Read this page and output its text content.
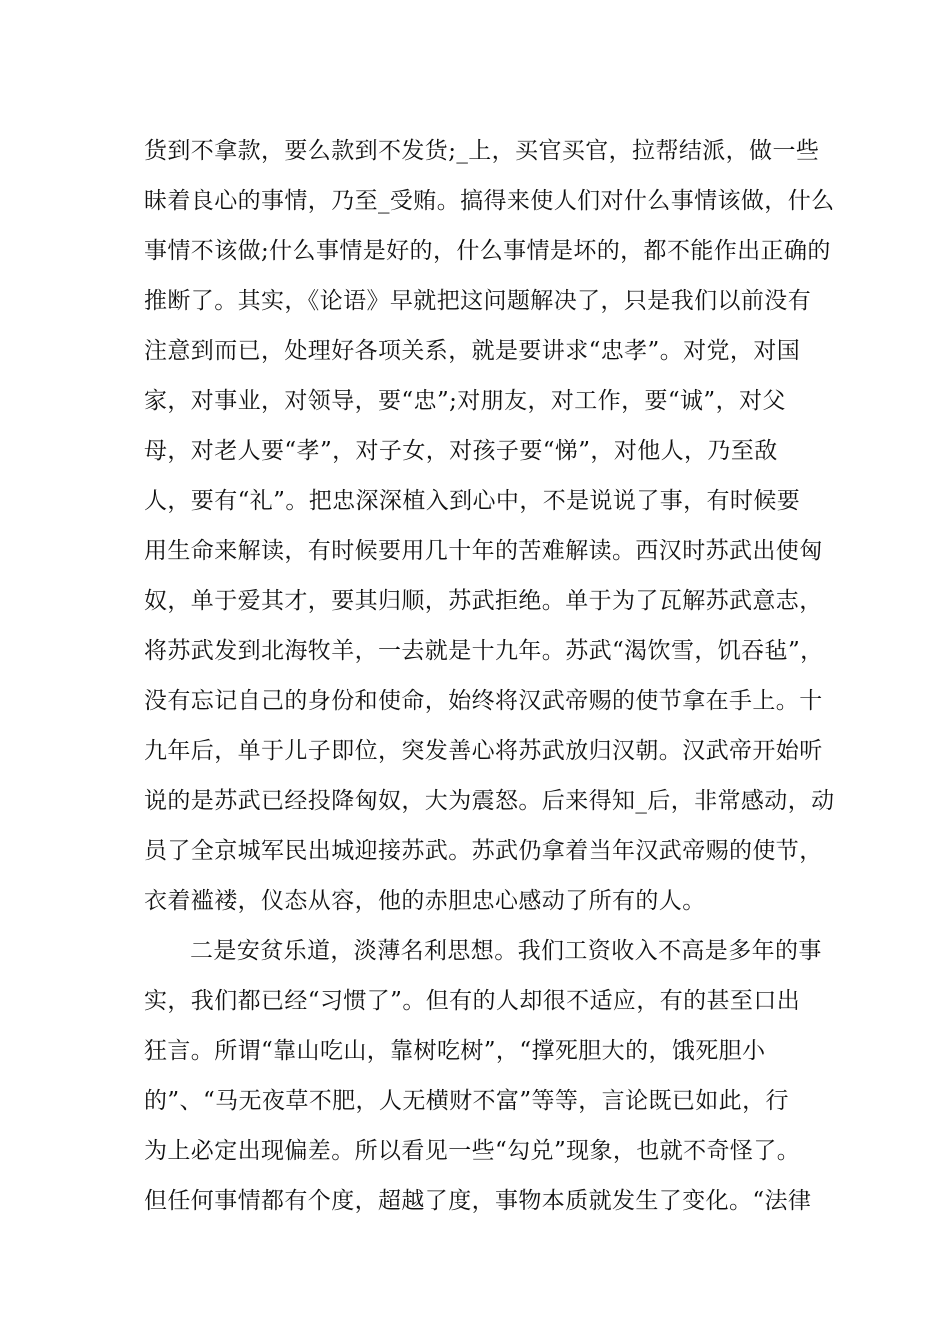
货到不拿款，要么款到不发货;_上，买官买官，拉帮结派，做一些
昧着良心的事情，乃至_受贿。搞得来使人们对什么事情该做，什么
事情不该做;什么事情是好的，什么事情是坏的，都不能作出正确的
推断了。其实，《论语》早就把这问题解决了，只是我们以前没有
注意到而已，处理好各项关系，就是要讲求“忠孝”。对党，对国
家，对事业，对领导，要“忠”;对朋友，对工作，要“诚”，对父
母，对老人要“孝”，对子女，对孩子要“悌”，对他人，乃至敌
人，要有“礼”。把忠深深植入到心中，不是说说了事，有时候要
用生命来解读，有时候要用几十年的苦难解读。西汉时苏武出使匈
奴，单于爱其才，要其归顺，苏武拒绝。单于为了瓦解苏武意志，
将苏武发到北海牧羊，一去就是十九年。苏武“渴饮雪，饥吞毡”，
没有忘记自己的身份和使命，始终将汉武帝赐的使节拿在手上。十
九年后，单于儿子即位，突发善心将苏武放归汉朝。汉武帝开始听
说的是苏武已经投降匈奴，大为震怒。后来得知_后，非常感动，动
员了全京城军民出城迎接苏武。苏武仍拿着当年汉武帝赐的使节，
衣着褴褛，仪态从容，他的赤胆忠心感动了所有的人。
二是安贫乐道，淡薄名利思想。我们工资收入不高是多年的事
实，我们都已经“习惯了”。但有的人却很不适应，有的甚至口出
狂言。所谓“靠山吃山，靠树吃树”，“撑死胆大的，饿死胆小
的”、“马无夜草不肥，人无横财不富”等等，言论既已如此，行
为上必定出现偏差。所以看见一些“勾兑”现象，也就不奇怪了。
但任何事情都有个度，超越了度，事物本质就发生了变化。“法律
